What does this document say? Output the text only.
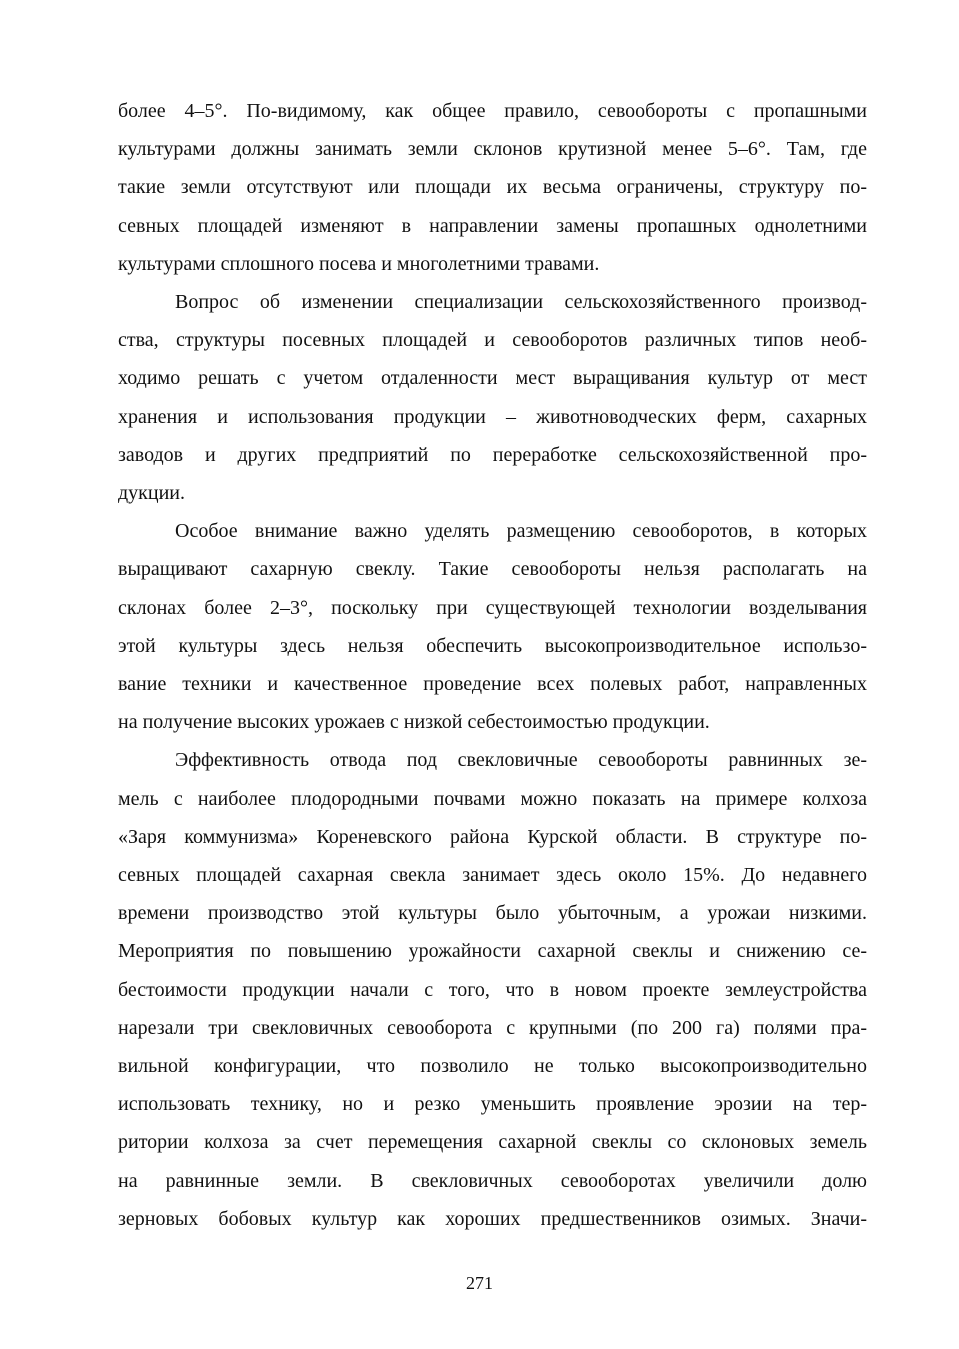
более 4–5°. По-видимому, как общее правило, севообороты с пропашными
культурами должны занимать земли склонов крутизной менее 5–6°. Там, где
такие земли отсутствуют или площади их весьма ограничены, структуру по-
севных площадей изменяют в направлении замены пропашных однолетними
культурами сплошного посева и многолетними травами.

Вопрос об изменении специализации сельскохозяйственного производ-
ства, структуры посевных площадей и севооборотов различных типов необ-
ходимо решать с учетом отдаленности мест выращивания культур от мест
хранения и использования продукции – животноводческих ферм, сахарных
заводов и других предприятий по переработке сельскохозяйственной про-
дукции.

Особое внимание важно уделять размещению севооборотов, в которых
выращивают сахарную свеклу. Такие севообороты нельзя располагать на
склонах более 2–3°, поскольку при существующей технологии возделывания
этой культуры здесь нельзя обеспечить высокопроизводительное использо-
вание техники и качественное проведение всех полевых работ, направленных
на получение высоких урожаев с низкой себестоимостью продукции.

Эффективность отвода под свекловичные севообороты равнинных зе-
мель с наиболее плодородными почвами можно показать на примере колхоза
«Заря коммунизма» Кореневского района Курской области. В структуре по-
севных площадей сахарная свекла занимает здесь около 15%. До недавнего
времени производство этой культуры было убыточным, а урожаи низкими.
Мероприятия по повышению урожайности сахарной свеклы и снижению се-
бестоимости продукции начали с того, что в новом проекте землеустройства
нарезали три свекловичных севооборота с крупными (по 200 га) полями пра-
вильной конфигурации, что позволило не только высокопроизводительно
использовать технику, но и резко уменьшить проявление эрозии на тер-
ритории колхоза за счет перемещения сахарной свеклы со склоновых земель
на равнинные земли. В свекловичных севооборотах увеличили долю
зерновых бобовых культур как хороших предшественников озимых. Значи-

271
